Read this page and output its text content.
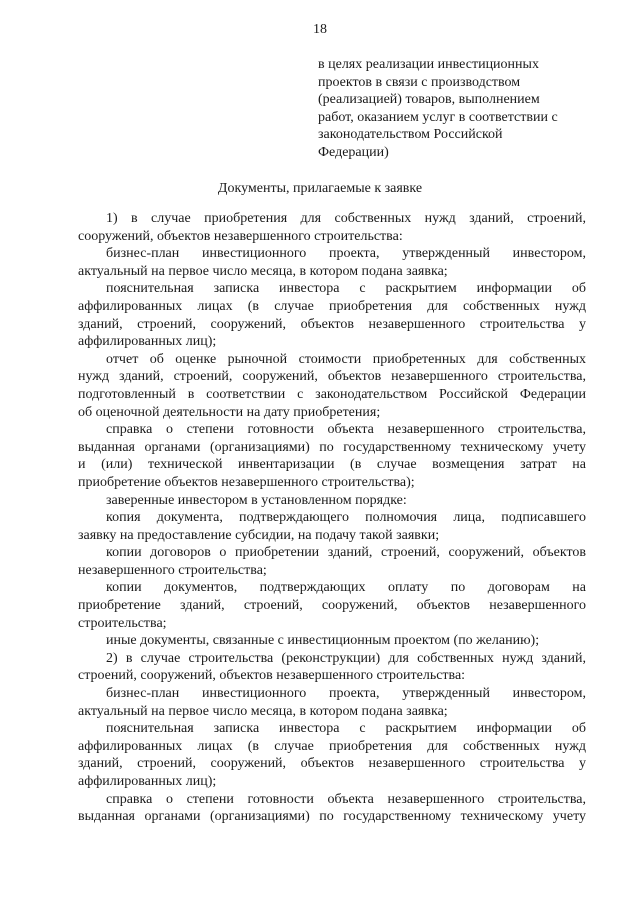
18
в целях реализации инвестиционных
проектов в связи с производством
(реализацией) товаров, выполнением
работ, оказанием услуг в соответствии с
законодательством Российской
Федерации)
Документы, прилагаемые к заявке
1) в случае приобретения для собственных нужд зданий, строений,
сооружений, объектов незавершенного строительства:
бизнес-план инвестиционного проекта, утвержденный инвестором,
актуальный на первое число месяца, в котором подана заявка;
пояснительная записка инвестора с раскрытием информации об
аффилированных лицах (в случае приобретения для собственных нужд
зданий, строений, сооружений, объектов незавершенного строительства у
аффилированных лиц);
отчет об оценке рыночной стоимости приобретенных для собственных
нужд зданий, строений, сооружений, объектов незавершенного строительства,
подготовленный в соответствии с законодательством Российской Федерации
об оценочной деятельности на дату приобретения;
справка о степени готовности объекта незавершенного строительства,
выданная органами (организациями) по государственному техническому учету
и (или) технической инвентаризации (в случае возмещения затрат на
приобретение объектов незавершенного строительства);
заверенные инвестором в установленном порядке:
копия документа, подтверждающего полномочия лица, подписавшего
заявку на предоставление субсидии, на подачу такой заявки;
копии договоров о приобретении зданий, строений, сооружений, объектов
незавершенного строительства;
копии документов, подтверждающих оплату по договорам на
приобретение зданий, строений, сооружений, объектов незавершенного
строительства;
иные документы, связанные с инвестиционным проектом (по желанию);
2) в случае строительства (реконструкции) для собственных нужд зданий,
строений, сооружений, объектов незавершенного строительства:
бизнес-план инвестиционного проекта, утвержденный инвестором,
актуальный на первое число месяца, в котором подана заявка;
пояснительная записка инвестора с раскрытием информации об
аффилированных лицах (в случае приобретения для собственных нужд
зданий, строений, сооружений, объектов незавершенного строительства у
аффилированных лиц);
справка о степени готовности объекта незавершенного строительства,
выданная органами (организациями) по государственному техническому учету
